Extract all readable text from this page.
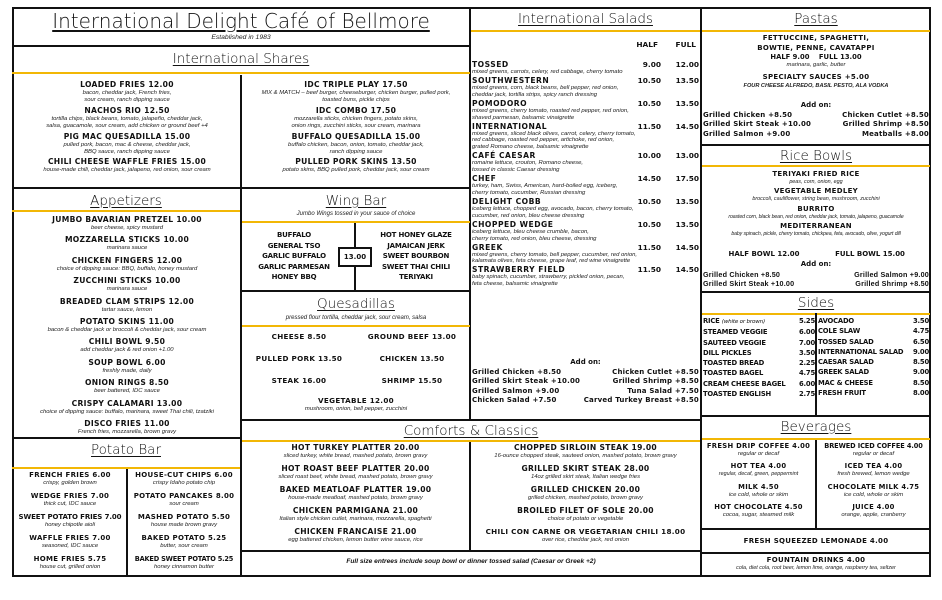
International Delight Café of Bellmore
Established in 1983
International Shares
LOADED FRIES 12.00
bacon, cheddar jack, French fries,
sour cream, ranch dipping sauce
NACHOS RIO 12.50
tortilla chips, black beans, tomato, jalapeño, cheddar jack,
salsa, guacamole, sour cream, add chicken or ground beef +4
PIG MAC QUESADILLA 15.00
pulled pork, bacon, mac & cheese, cheddar jack,
BBQ sauce, ranch dipping sauce
CHILI CHEESE WAFFLE FRIES 15.00
house-made chili, cheddar jack, jalapeno, red onion, sour cream
IDC TRIPLE PLAY 17.50
MIX & MATCH – beef burger, cheeseburger, chicken burger, pulled pork,
toasted buns, pickle chips
IDC COMBO 17.50
mozzarella sticks, chicken fingers, potato skins,
onion rings, zucchini sticks, sour cream, marinara
BUFFALO QUESADILLA 15.00
buffalo chicken, bacon, onion, tomato, cheddar jack,
ranch dipping sauce
PULLED PORK SKINS 13.50
potato skins, BBQ pulled pork, cheddar jack, sour cream
Appetizers
JUMBO BAVARIAN PRETZEL 10.00
beer cheese, spicy mustard
MOZZARELLA STICKS 10.00
marinara sauce
CHICKEN FINGERS 12.00
choice of dipping sauce: BBQ, buffalo, honey mustard
ZUCCHINI STICKS 10.00
marinara sauce
BREADED CLAM STRIPS 12.00
tartar sauce, lemon
POTATO SKINS 11.00
bacon & cheddar jack or broccoli & cheddar jack, sour cream
CHILI BOWL 9.50
add cheddar jack & red onion +1.00
SOUP BOWL 6.00
freshly made, daily
ONION RINGS 8.50
beer battered, IDC sauce
CRISPY CALAMARI 13.00
choice of dipping sauce: buffalo, marinara, sweet Thai chili, tzatziki
DISCO FRIES 11.00
French fries, mozzarella, brown gravy
Wing Bar
Jumbo Wings tossed in your sauce of choice
BUFFALO
GENERAL TSO
GARLIC BUFFALO
GARLIC PARMESAN
HONEY BBQ
HOT HONEY GLAZE
JAMAICAN JERK
SWEET BOURBON
SWEET THAI CHILI
TERIYAKI
13.00
Quesadillas
pressed flour tortilla, cheddar jack, sour cream, salsa
CHEESE 8.50	GROUND BEEF 13.00
PULLED PORK 13.50	CHICKEN 13.50
STEAK 16.00	SHRIMP 15.50
VEGETABLE 12.00
mushroom, onion, bell pepper, zucchini
Potato Bar
FRENCH FRIES 6.00
crispy, golden brown
WEDGE FRIES 7.00
thick cut, IDC sauce
SWEET POTATO FRIES 7.00
honey chipotle aioli
WAFFLE FRIES 7.00
seasoned, IDC sauce
HOME FRIES 5.75
house cut, grilled onion
HOUSE-CUT CHIPS 6.00
crispy Idaho potato chip
POTATO PANCAKES 8.00
sour cream
MASHED POTATO 5.50
house made brown gravy
BAKED POTATO 5.25
butter, sour cream
BAKED SWEET POTATO 5.25
honey cinnamon butter
Comforts & Classics
HOT TURKEY PLATTER 20.00
sliced turkey, white bread, mashed potato, brown gravy
HOT ROAST BEEF PLATTER 20.00
sliced roast beef, white bread, mashed potato, brown gravy
BAKED MEATLOAF PLATTER 19.00
house-made meatloaf, mashed potato, brown gravy
CHICKEN PARMIGANA 21.00
Italian style chicken cutlet, marinara, mozzarella, spaghetti
CHICKEN FRANCAISE 21.00
egg battered chicken, lemon butter wine sauce, rice
CHOPPED SIRLOIN STEAK 19.00
16-ounce chopped steak, sauteed onion, mashed potato, brown gravy
GRILLED SKIRT STEAK 28.00
14oz grilled skirt steak, Italian wedge fries
GRILLED CHICKEN 20.00
grilled chicken, mashed potato, brown gravy
BROILED FILET OF SOLE 20.00
choice of potato or vegetable
CHILI CON CARNE OR VEGETARIAN CHILI 18.00
over rice, cheddar jack, red onion
Full size entrees include soup bowl or dinner tossed salad (Caesar or Greek +2)
International Salads
HALF	FULL
TOSSED	9.00	12.00
mixed greens, carrots, celery, red cabbage, cherry tomato
SOUTHWESTERN	10.50	13.50
mixed greens, corn, black beans, bell pepper, red onion,
cheddar jack, tortilla strips, spicy ranch dressing
POMODORO	10.50	13.50
mixed greens, cherry tomato, roasted red pepper, red onion,
shaved parmesan, balsamic vinaigrette
INTERNATIONAL	11.50	14.50
mixed greens, sliced black olives, carrot, celery, cherry tomato,
red cabbage, roasted red pepper, artichoke, red onion,
grated Romano cheese, balsamic vinaigrette
CAFÉ CAESAR	10.00	13.00
romaine lettuce, crouton, Romano cheese,
tossed in classic Caesar dressing
CHEF	14.50	17.50
turkey, ham, Swiss, American, hard-boiled egg, iceberg,
cherry tomato, cucumber, Russian dressing
DELIGHT COBB	10.50	13.50
iceberg lettuce, chopped egg, avocado, bacon, cherry tomato,
cucumber, red onion, bleu cheese dressing
CHOPPED WEDGE	10.50	13.50
iceberg lettuce, bleu cheese crumble, bacon,
cherry tomato, red onion, bleu cheese, dressing
GREEK	11.50	14.50
mixed greens, cherry tomato, bell pepper, cucumber, red onion,
kalamata olives, feta cheese, grape leaf, red wine vinaigrette
STRAWBERRY FIELD	11.50	14.50
baby spinach, cucumber, strawberry, pickled onion, pecan,
feta cheese, balsamic vinaigrette
Add on:
Grilled Chicken +8.50	Chicken Cutlet +8.50
Grilled Skirt Steak +10.00	Grilled Shrimp +8.50
Grilled Salmon +9.00	Tuna Salad +7.50
Chicken Salad +7.50	Carved Turkey Breast +8.50
Pastas
FETTUCCINE, SPAGHETTI,
BOWTIE, PENNE, CAVATAPPI
HALF 9.00 FULL 13.00
marinara, garlic, butter
SPECIALTY SAUCES +5.00
FOUR CHEESE ALFREDO, BASIL PESTO, ALA VODKA
Add on:
Grilled Chicken +8.50	Chicken Cutlet +8.50
Grilled Skirt Steak +10.00	Grilled Shrimp +8.50
Grilled Salmon +9.00	Meatballs +8.00
Rice Bowls
TERIYAKI FRIED RICE
peas, corn, onion, egg
VEGETABLE MEDLEY
broccoli, cauliflower, string bean, mushroom, zucchini
BURRITO
roasted corn, black bean, red onion, cheddar jack, tomato, jalapeno, guacamole
MEDITERRANEAN
baby spinach, pickle, cherry tomato, chickpea, feta, avocado, olive, yogurt dill
HALF BOWL 12.00	FULL BOWL 15.00
Add on:
Grilled Chicken +8.50	Grilled Salmon +9.00
Grilled Skirt Steak +10.00	Grilled Shrimp +8.50
Sides
RICE (white or brown)	5.25
STEAMED VEGGIE	6.00
SAUTEED VEGGIE	7.00
DILL PICKLES	3.50
TOASTED BREAD	2.25
TOASTED BAGEL	4.75
CREAM CHEESE BAGEL 6.00
TOASTED ENGLISH	2.75
AVOCADO	3.50
COLE SLAW	4.75
TOSSED SALAD	6.50
INTERNATIONAL SALAD 9.00
CAESAR SALAD	8.50
GREEK SALAD	9.00
MAC & CHEESE	8.50
FRESH FRUIT	8.00
Beverages
FRESH DRIP COFFEE 4.00
regular or decaf
HOT TEA 4.00
regular, decaf, green, peppermint
MILK 4.50
ice cold, whole or skim
HOT CHOCOLATE 4.50
cocoa, sugar, steamed milk
BREWED ICED COFFEE 4.00
regular or decaf
ICED TEA 4.00
fresh brewed, lemon wedge
CHOCOLATE MILK 4.75
ice cold, whole or skim
JUICE 4.00
orange, apple, cranberry
FRESH SQUEEZED LEMONADE 4.00
FOUNTAIN DRINKS 4.00
cola, diet cola, root beer, lemon lime, orange, raspberry tea, seltzer
